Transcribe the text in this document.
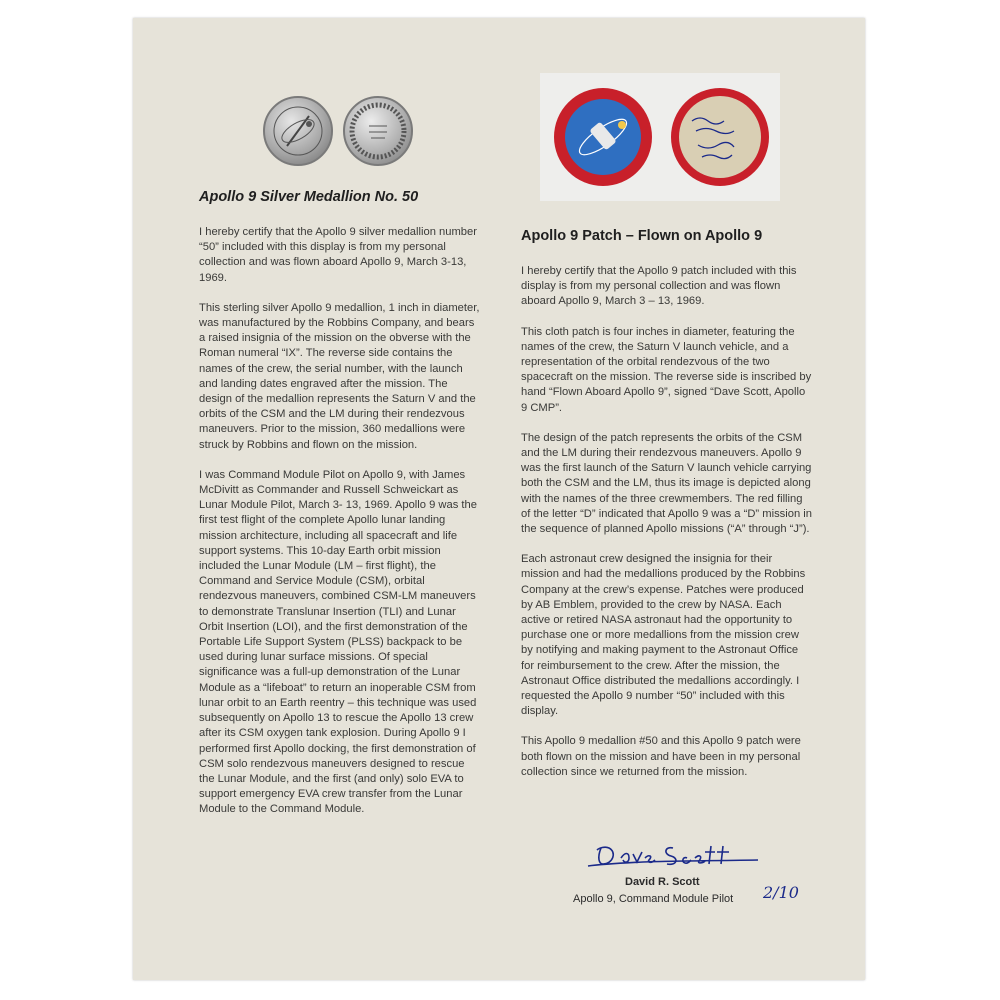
Apollo 9 Silver Medallion No. 50

I hereby certify that the Apollo 9 silver medallion number “50” included with this display is from my personal collection and was flown aboard Apollo 9, March 3-13, 1969.

This sterling silver Apollo 9 medallion, 1 inch in diameter, was manufactured by the Robbins Company, and bears a raised insignia of the mission on the obverse with the Roman numeral “IX”. The reverse side contains the names of the crew, the serial number, with the launch and landing dates engraved after the mission. The design of the medallion represents the Saturn V and the orbits of the CSM and the LM during their rendezvous maneuvers. Prior to the mission, 360 medallions were struck by Robbins and flown on the mission.

I was Command Module Pilot on Apollo 9, with James McDivitt as Commander and Russell Schweickart as Lunar Module Pilot, March 3- 13, 1969. Apollo 9 was the first test flight of the complete Apollo lunar landing mission architecture, including all spacecraft and life support systems. This 10-day Earth orbit mission included the Lunar Module (LM – first flight), the Command and Service Module (CSM), orbital rendezvous maneuvers, combined CSM-LM maneuvers to demonstrate Translunar Insertion (TLI) and Lunar Orbit Insertion (LOI), and the first demonstration of the Portable Life Support System (PLSS) backpack to be used during lunar surface missions. Of special significance was a full-up demonstration of the Lunar Module as a “lifeboat” to return an inoperable CSM from lunar orbit to an Earth reentry – this technique was used subsequently on Apollo 13 to rescue the Apollo 13 crew after its CSM oxygen tank explosion. During Apollo 9 I performed first Apollo docking, the first demonstration of CSM solo rendezvous maneuvers designed to rescue the Lunar Module, and the first (and only) solo EVA to support emergency EVA crew transfer from the Lunar Module to the Command Module.

Apollo 9 Patch – Flown on Apollo 9

I hereby certify that the Apollo 9 patch included with this display is from my personal collection and was flown aboard Apollo 9, March 3 – 13, 1969.

This cloth patch is four inches in diameter, featuring the names of the crew, the Saturn V launch vehicle, and a representation of the orbital rendezvous of the two spacecraft on the mission. The reverse side is inscribed by hand “Flown Aboard Apollo 9”, signed “Dave Scott, Apollo 9 CMP”.

The design of the patch represents the orbits of the CSM and the LM during their rendezvous maneuvers. Apollo 9 was the first launch of the Saturn V launch vehicle carrying both the CSM and the LM, thus its image is depicted along with the names of the three crewmembers. The red filling of the letter “D” indicated that Apollo 9 was a “D” mission in the sequence of planned Apollo missions (“A” through “J”).

Each astronaut crew designed the insignia for their mission and had the medallions produced by the Robbins Company at the crew’s expense. Patches were produced by AB Emblem, provided to the crew by NASA. Each active or retired NASA astronaut had the opportunity to purchase one or more medallions from the mission crew by notifying and making payment to the Astronaut Office for reimbursement to the crew. After the mission, the Astronaut Office distributed the medallions accordingly. I requested the Apollo 9 number “50” included with this display.

This Apollo 9 medallion #50 and this Apollo 9 patch were both flown on the mission and have been in my personal collection since we returned from the mission.

David R. Scott
Apollo 9, Command Module Pilot 2/10
